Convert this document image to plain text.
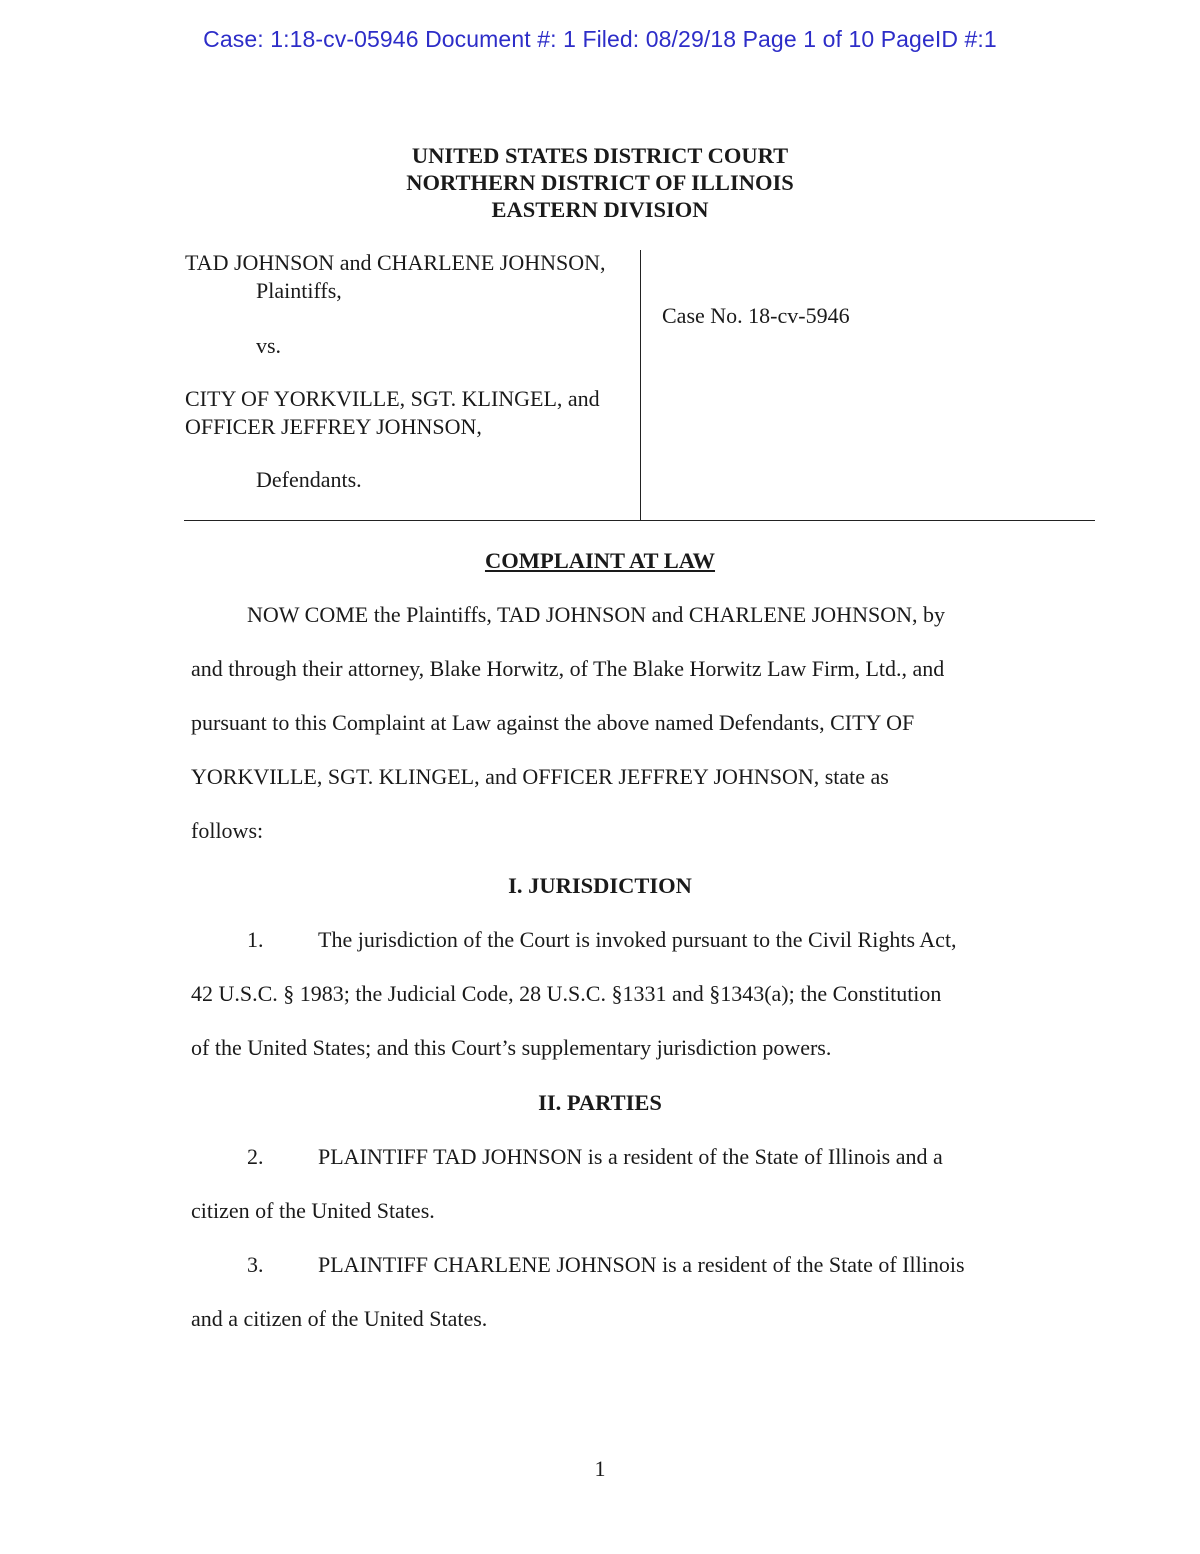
Case: 1:18-cv-05946 Document #: 1 Filed: 08/29/18 Page 1 of 10 PageID #:1
UNITED STATES DISTRICT COURT
NORTHERN DISTRICT OF ILLINOIS
EASTERN DIVISION
TAD JOHNSON and CHARLENE JOHNSON,
Plaintiffs,
vs.
CITY OF YORKVILLE, SGT. KLINGEL, and
OFFICER JEFFREY JOHNSON,
Defendants.
Case No. 18-cv-5946
COMPLAINT AT LAW
NOW COME the Plaintiffs, TAD JOHNSON and CHARLENE JOHNSON, by
and through their attorney, Blake Horwitz, of The Blake Horwitz Law Firm, Ltd., and
pursuant to this Complaint at Law against the above named Defendants, CITY OF
YORKVILLE, SGT. KLINGEL, and OFFICER JEFFREY JOHNSON, state as
follows:
I. JURISDICTION
1. The jurisdiction of the Court is invoked pursuant to the Civil Rights Act,
42 U.S.C. § 1983; the Judicial Code, 28 U.S.C. §1331 and §1343(a); the Constitution
of the United States; and this Court’s supplementary jurisdiction powers.
II. PARTIES
2. PLAINTIFF TAD JOHNSON is a resident of the State of Illinois and a
citizen of the United States.
3. PLAINTIFF CHARLENE JOHNSON is a resident of the State of Illinois
and a citizen of the United States.
1
